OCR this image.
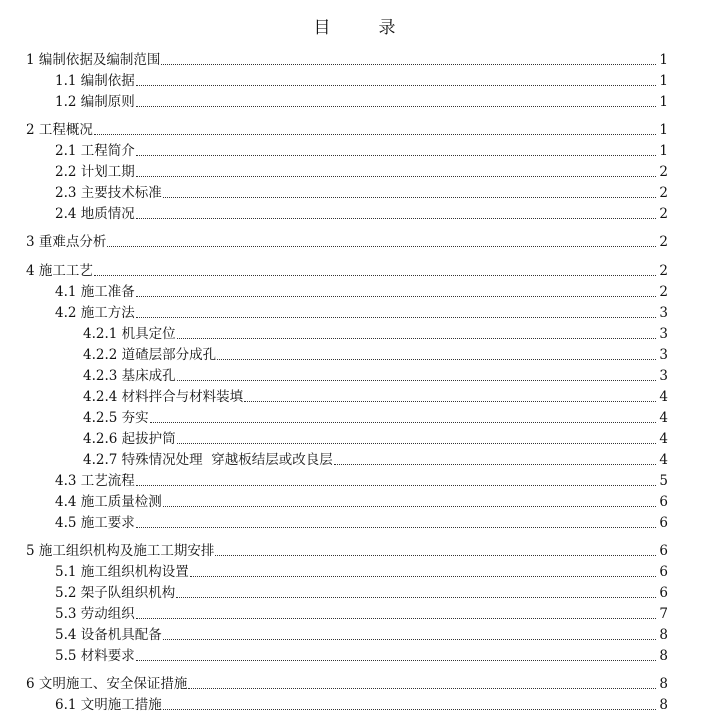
目	录
1 编制依据及编制范围	1
1.1 编制依据	1
1.2 编制原则	1
2 工程概况	1
2.1 工程简介	1
2.2 计划工期	2
2.3 主要技术标准	2
2.4 地质情况	2
3 重难点分析	2
4 施工工艺	2
4.1 施工准备	2
4.2 施工方法	3
4.2.1 机具定位	3
4.2.2 道碴层部分成孔	3
4.2.3 基床成孔	3
4.2.4 材料拌合与材料装填	4
4.2.5 夯实	4
4.2.6 起拔护筒	4
4.2.7 特殊情况处理  穿越板结层或改良层	4
4.3 工艺流程	5
4.4 施工质量检测	6
4.5 施工要求	6
5 施工组织机构及施工工期安排	6
5.1 施工组织机构设置	6
5.2 架子队组织机构	6
5.3 劳动组织	7
5.4 设备机具配备	8
5.5 材料要求	8
6 文明施工、安全保证措施	8
6.1 文明施工措施	8
